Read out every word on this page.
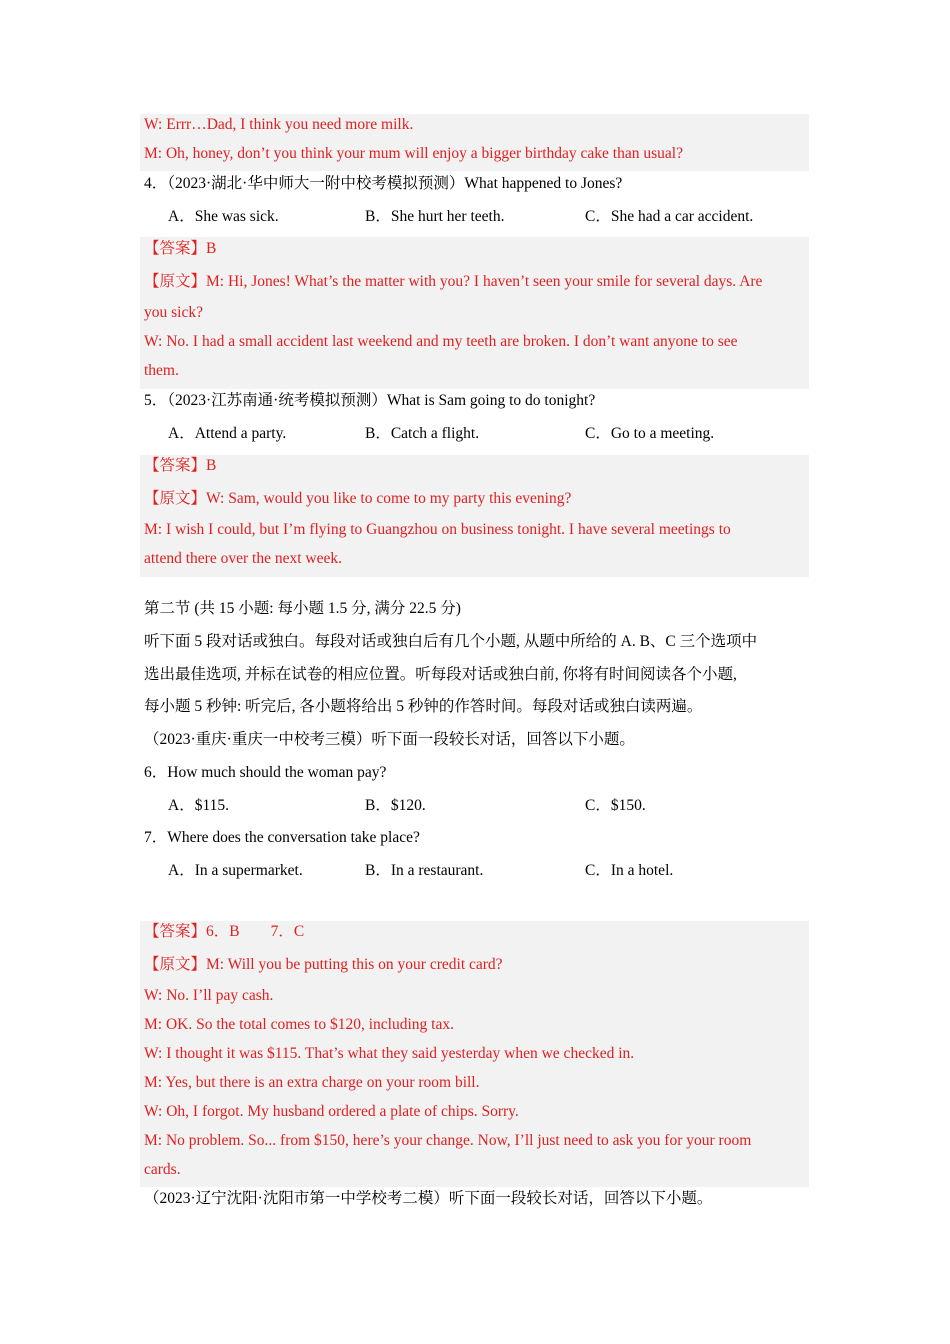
W: Errr…Dad, I think you need more milk.
M: Oh, honey, don’t you think your mum will enjoy a bigger birthday cake than usual?
4．（2023·湖北·华中师大一附中校考模拟预测）What happened to Jones?
A．She was sick.	B．She hurt her teeth.	C．She had a car accident.
【答案】B
【原文】M: Hi, Jones! What’s the matter with you? I haven’t seen your smile for several days. Are
you sick?
W: No. I had a small accident last weekend and my teeth are broken. I don’t want anyone to see
them.
5．（2023·江苏南通·统考模拟预测）What is Sam going to do tonight?
A．Attend a party.	B．Catch a flight.	C．Go to a meeting.
【答案】B
【原文】W: Sam, would you like to come to my party this evening?
M: I wish I could, but I’m flying to Guangzhou on business tonight. I have several meetings to
attend there over the next week.
第二节 (共 15 小题: 每小题 1.5 分, 满分 22.5 分)
听下面 5 段对话或独白。每段对话或独白后有几个小题, 从题中所给的 A. B、C 三个选项中
选出最佳选项, 并标在试卷的相应位置。听每段对话或独白前, 你将有时间阅读各个小题,
每小题 5 秒钟: 听完后, 各小题将给出 5 秒钟的作答时间。每段对话或独白读两遍。
（2023·重庆·重庆一中校考三模）听下面一段较长对话，回答以下小题。
6．How much should the woman pay?
A．$115.	B．$120.	C．$150.
7．Where does the conversation take place?
A．In a supermarket.	B．In a restaurant.	C．In a hotel.
【答案】6．B        7．C
【原文】M: Will you be putting this on your credit card?
W: No. I’ll pay cash.
M: OK. So the total comes to $120, including tax.
W: I thought it was $115. That’s what they said yesterday when we checked in.
M: Yes, but there is an extra charge on your room bill.
W: Oh, I forgot. My husband ordered a plate of chips. Sorry.
M: No problem. So... from $150, here’s your change. Now, I’ll just need to ask you for your room
cards.
（2023·辽宁沈阳·沈阳市第一中学校考二模）听下面一段较长对话，回答以下小题。
